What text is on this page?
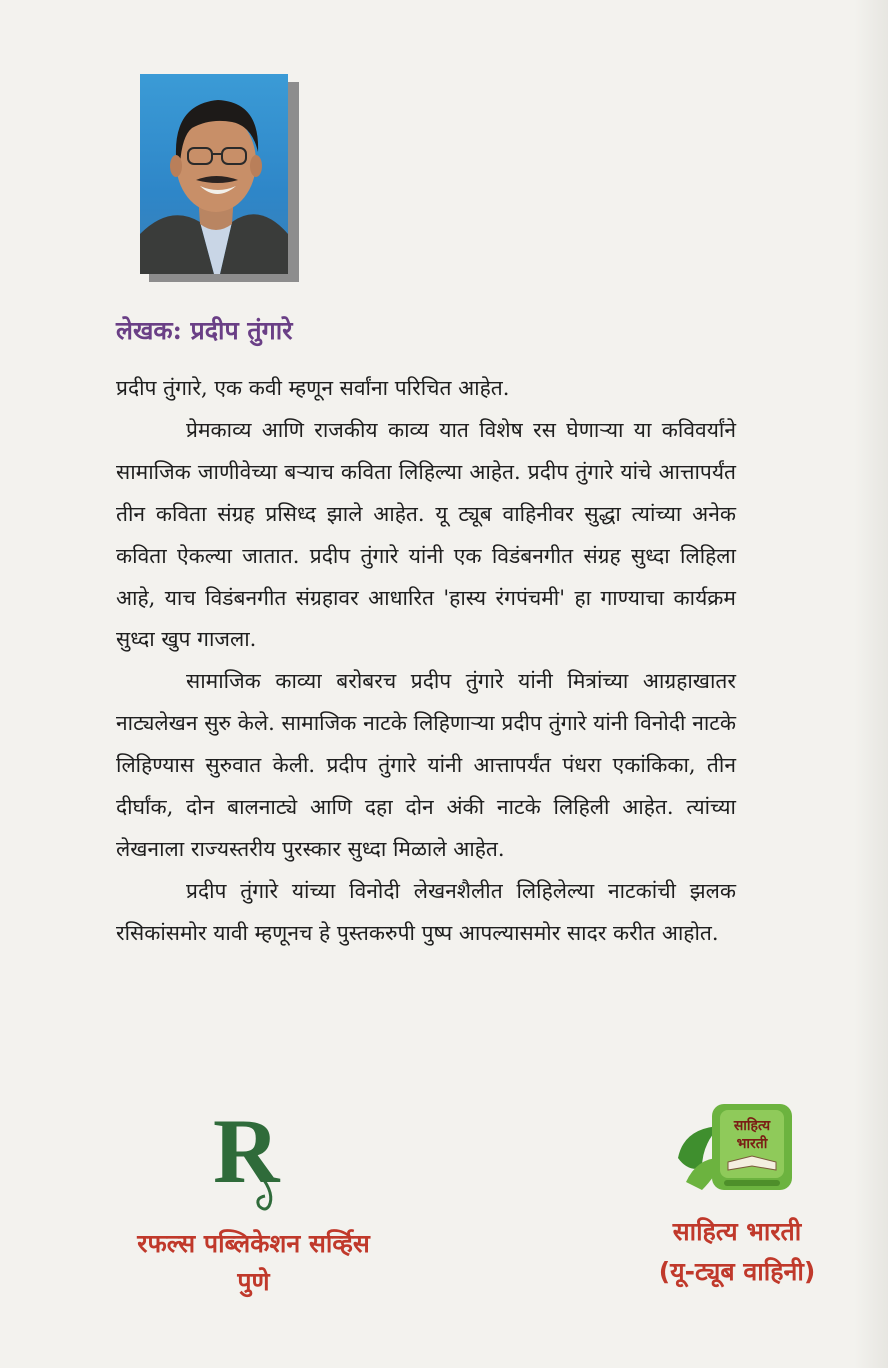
लेखक: प्रदीप तुंगारे

प्रदीप तुंगारे, एक कवी म्हणून सर्वांना परिचित आहेत.

प्रेमकाव्य आणि राजकीय काव्य यात विशेष रस घेणाऱ्या या कविवर्यांने सामाजिक जाणीवेच्या बऱ्याच कविता लिहिल्या आहेत. प्रदीप तुंगारे यांचे आत्तापर्यंत तीन कविता संग्रह प्रसिध्द झाले आहेत. यू ट्यूब वाहिनीवर सुद्धा त्यांच्या अनेक कविता ऐकल्या जातात. प्रदीप तुंगारे यांनी एक विडंबनगीत संग्रह सुध्दा लिहिला आहे, याच विडंबनगीत संग्रहावर आधारित 'हास्य रंगपंचमी' हा गाण्याचा कार्यक्रम सुध्दा खुप गाजला.

सामाजिक काव्या बरोबरच प्रदीप तुंगारे यांनी मित्रांच्या आग्रहाखातर नाट्यलेखन सुरु केले. सामाजिक नाटके लिहिणाऱ्या प्रदीप तुंगारे यांनी विनोदी नाटके लिहिण्यास सुरुवात केली. प्रदीप तुंगारे यांनी आत्तापर्यंत पंधरा एकांकिका, तीन दीर्घांक, दोन बालनाट्ये आणि दहा दोन अंकी नाटके लिहिली आहेत. त्यांच्या लेखनाला राज्यस्तरीय पुरस्कार सुध्दा मिळाले आहेत.

प्रदीप तुंगारे यांच्या विनोदी लेखनशैलीत लिहिलेल्या नाटकांची झलक रसिकांसमोर यावी म्हणूनच हे पुस्तकरुपी पुष्प आपल्यासमोर सादर करीत आहोत.

R
रफल्स पब्लिकेशन सर्व्हिस
पुणे
साहित्य
भारती
साहित्य भारती
(यू-ट्यूब वाहिनी)
